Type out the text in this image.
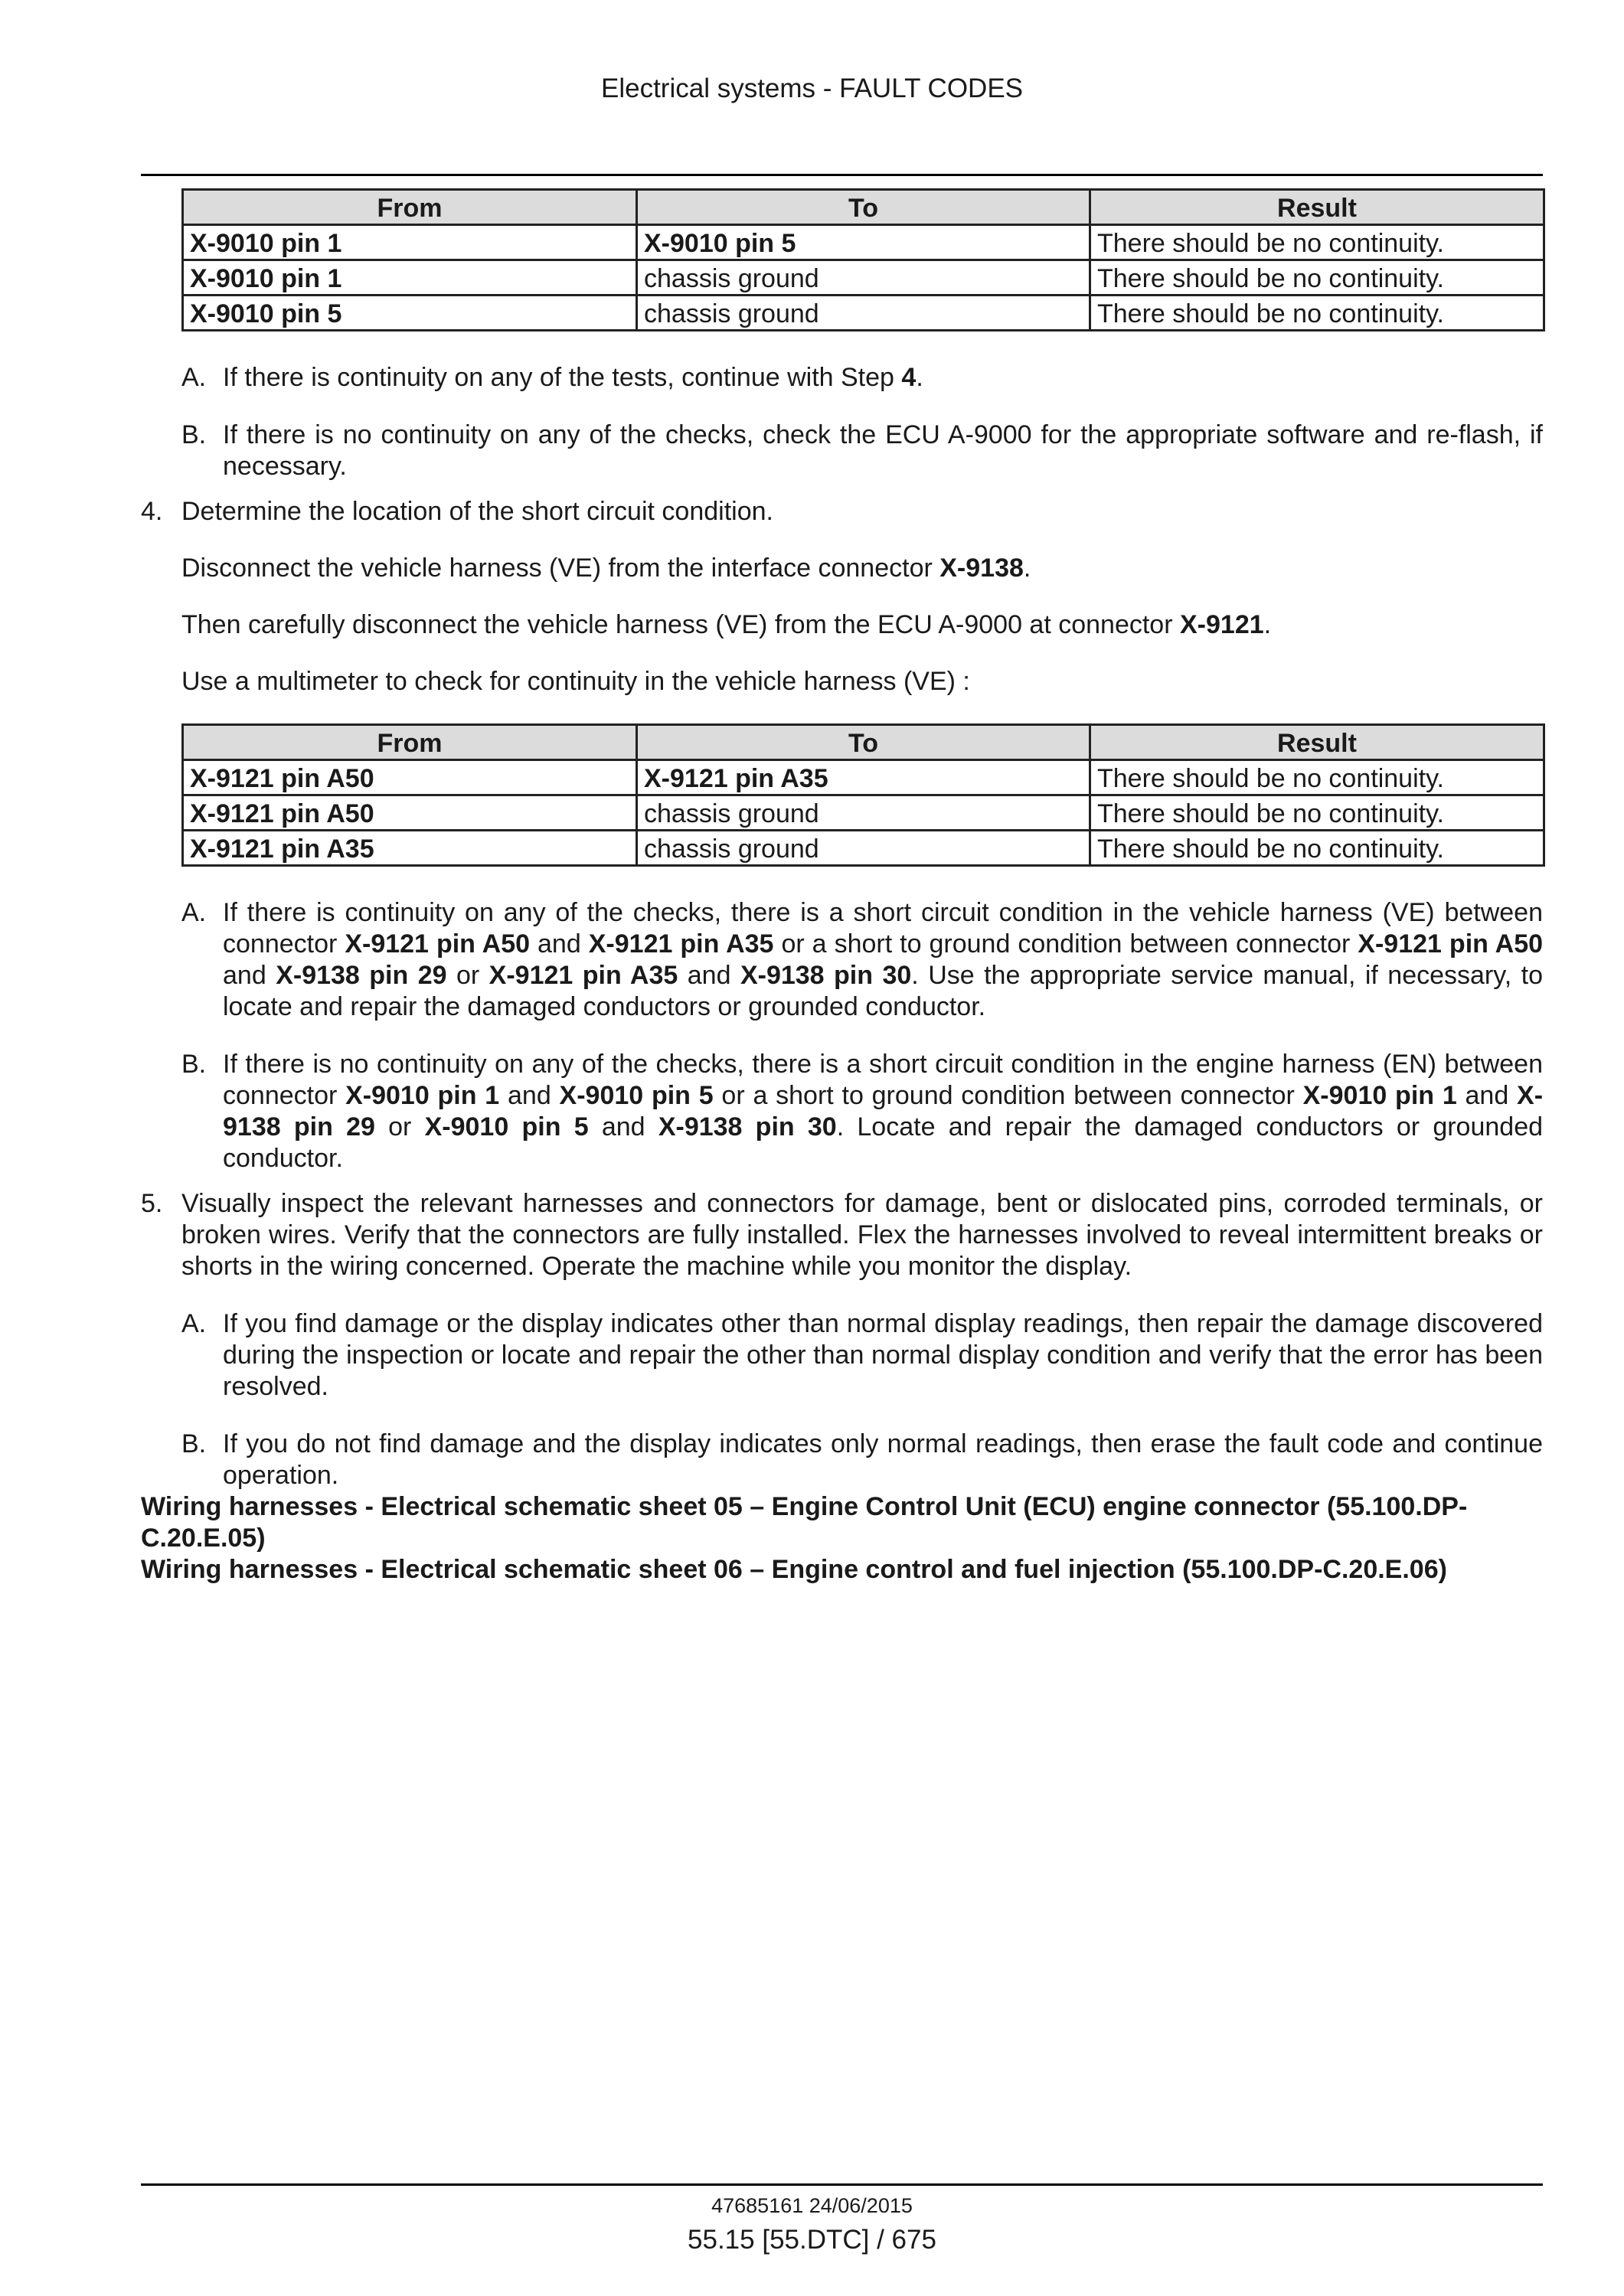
Electrical systems - FAULT CODES
From	To	Result
X-9010 pin 1	X-9010 pin 5	There should be no continuity.
X-9010 pin 1	chassis ground	There should be no continuity.
X-9010 pin 5	chassis ground	There should be no continuity.
A. If there is continuity on any of the tests, continue with Step 4.
B. If there is no continuity on any of the checks, check the ECU A-9000 for the appropriate software and re-flash, if necessary.
4. Determine the location of the short circuit condition.
Disconnect the vehicle harness (VE) from the interface connector X-9138.
Then carefully disconnect the vehicle harness (VE) from the ECU A-9000 at connector X-9121.
Use a multimeter to check for continuity in the vehicle harness (VE) :
From	To	Result
X-9121 pin A50	X-9121 pin A35	There should be no continuity.
X-9121 pin A50	chassis ground	There should be no continuity.
X-9121 pin A35	chassis ground	There should be no continuity.
A. If there is continuity on any of the checks, there is a short circuit condition in the vehicle harness (VE) between connector X-9121 pin A50 and X-9121 pin A35 or a short to ground condition between connector X-9121 pin A50 and X-9138 pin 29 or X-9121 pin A35 and X-9138 pin 30. Use the appropriate service manual, if necessary, to locate and repair the damaged conductors or grounded conductor.
B. If there is no continuity on any of the checks, there is a short circuit condition in the engine harness (EN) between connector X-9010 pin 1 and X-9010 pin 5 or a short to ground condition between connector X-9010 pin 1 and X-9138 pin 29 or X-9010 pin 5 and X-9138 pin 30. Locate and repair the damaged conductors or grounded conductor.
5. Visually inspect the relevant harnesses and connectors for damage, bent or dislocated pins, corroded terminals, or broken wires. Verify that the connectors are fully installed. Flex the harnesses involved to reveal intermittent breaks or shorts in the wiring concerned. Operate the machine while you monitor the display.
A. If you find damage or the display indicates other than normal display readings, then repair the damage discovered during the inspection or locate and repair the other than normal display condition and verify that the error has been resolved.
B. If you do not find damage and the display indicates only normal readings, then erase the fault code and continue operation.
Wiring harnesses - Electrical schematic sheet 05 – Engine Control Unit (ECU) engine connector (55.100.DP-C.20.E.05)
Wiring harnesses - Electrical schematic sheet 06 – Engine control and fuel injection (55.100.DP-C.20.E.06)
47685161 24/06/2015
55.15 [55.DTC] / 675
